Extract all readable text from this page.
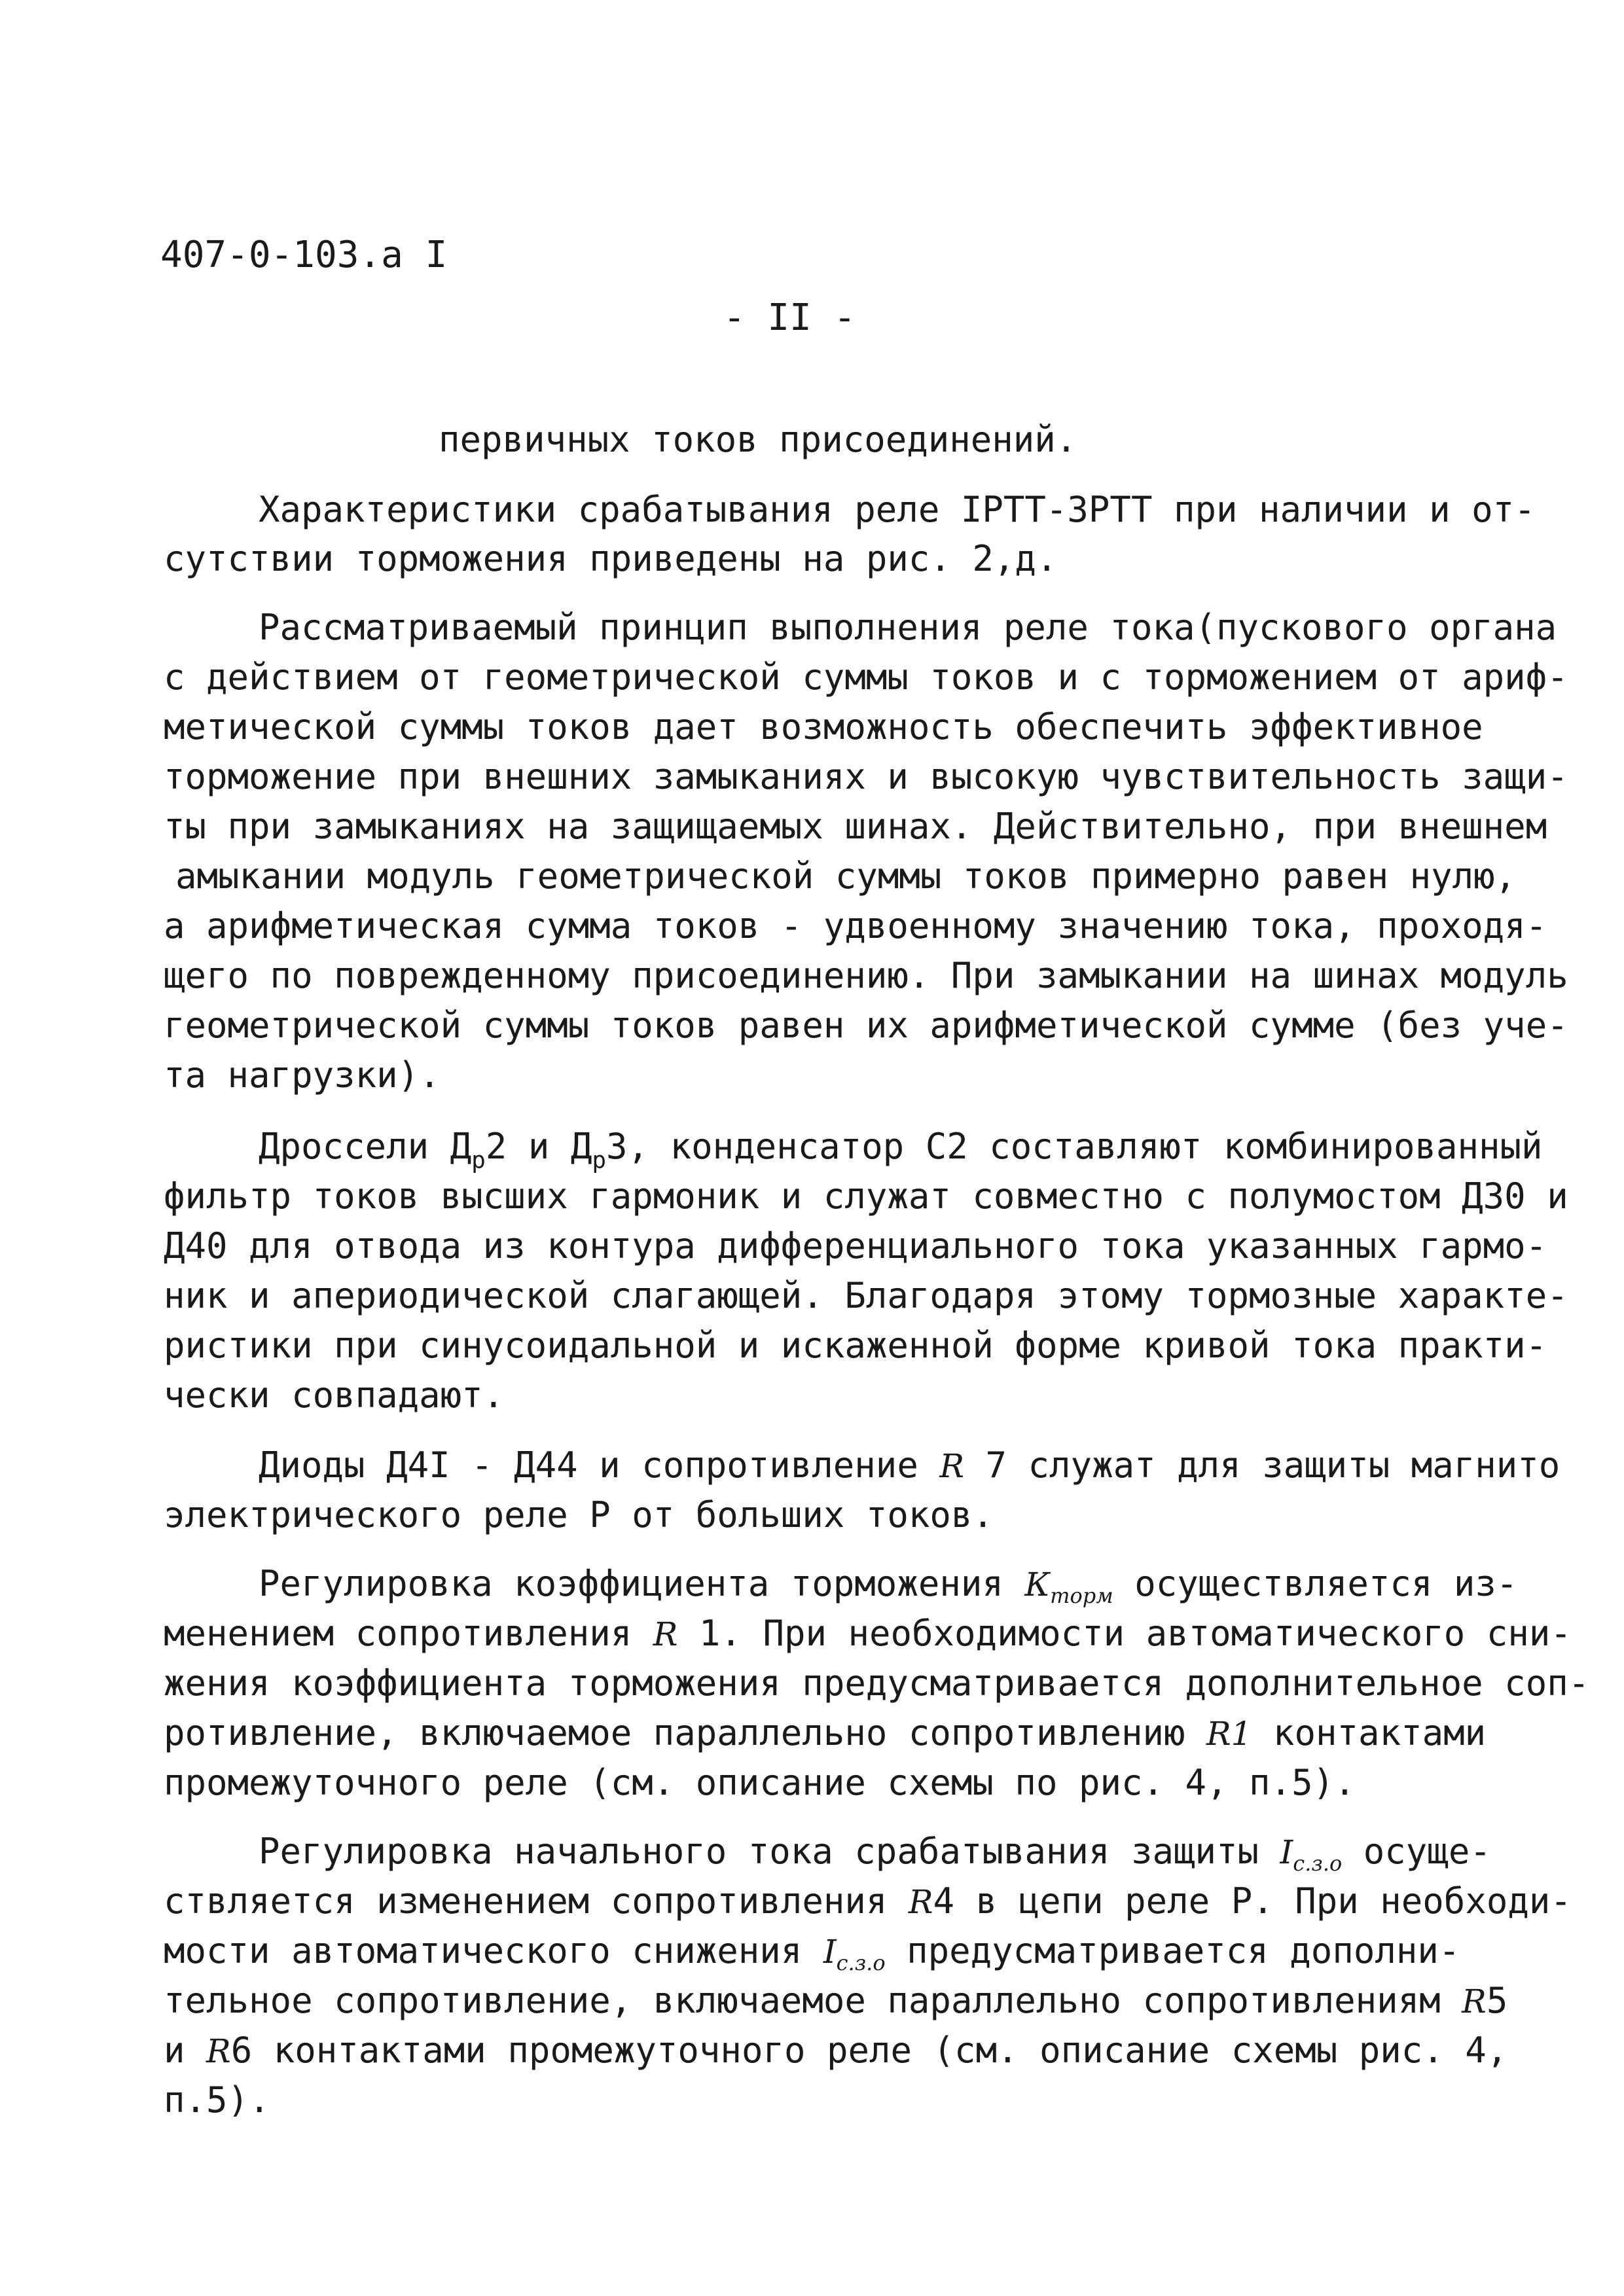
407-0-103.а I
- II -
первичных токов присоединений.
Характеристики срабатывания реле IРТТ-3РТТ при наличии и от-
сутствии торможения приведены на рис. 2,д.
Рассматриваемый принцип выполнения реле тока(пускового органа
с действием от геометрической суммы токов и с торможением от ариф-
метической суммы токов дает возможность обеспечить эффективное
торможение при внешних замыканиях и высокую чувствительность защи-
ты при замыканиях на защищаемых шинах. Действительно, при внешнем
амыкании модуль геометрической суммы токов примерно равен нулю,
а арифметическая сумма токов - удвоенному значению тока, проходя-
щего по поврежденному присоединению. При замыкании на шинах модуль
геометрической суммы токов равен их арифметической сумме (без уче-
та нагрузки).
Дроссели $Д_р2$ и $Д_р3$, конденсатор С2 составляют комбинированный
фильтр токов высших гармоник и служат совместно с полумостом Д30 и
Д40 для отвода из контура дифференциального тока указанных гармо-
ник и апериодической слагающей. Благодаря этому тормозные характе-
ристики при синусоидальной и искаженной форме кривой тока практи-
чески совпадают.
Диоды Д4I - Д44 и сопротивление R 7 служат для защиты магнито
электрического реле Р от больших токов.
Регулировка коэффициента торможения $К_{торм}$ осуществляется из-
менением сопротивления R 1. При необходимости автоматического сни-
жения коэффициента торможения предусматривается дополнительное соп-
ротивление, включаемое параллельно сопротивлению R1 контактами
промежуточного реле (см. описание схемы по рис. 4, п.5).
Регулировка начального тока срабатывания защиты $I_{с.з.о}$ осуще-
ствляется изменением сопротивления R4 в цепи реле Р. При необходи-
мости автоматического снижения $I_{с.з.о}$ предусматривается дополни-
тельное сопротивление, включаемое параллельно сопротивлениям R5
и R6 контактами промежуточного реле (см. описание схемы рис. 4,
п.5).
